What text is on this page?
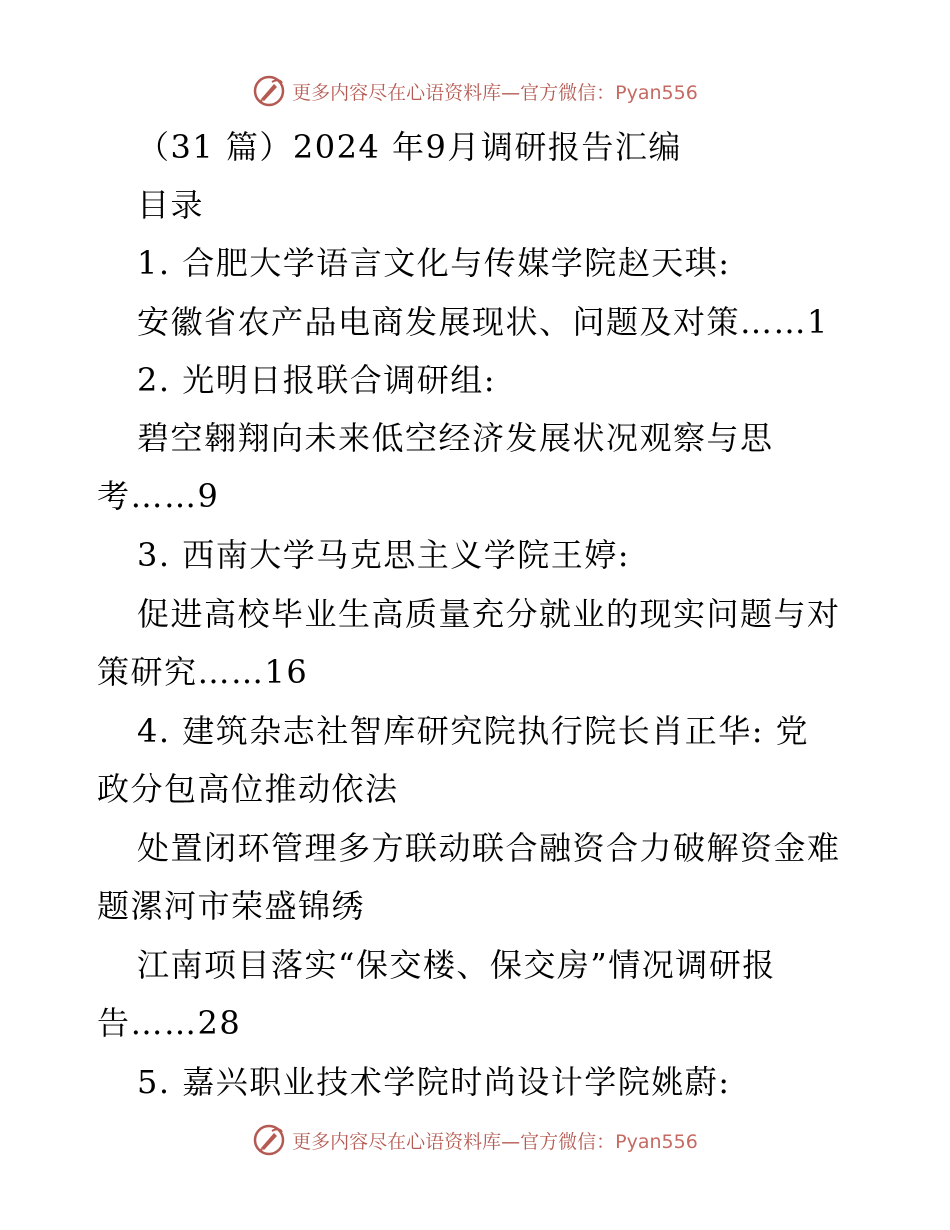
更多内容尽在心语资料库—官方微信：Pyan556
（31 篇）2024 年9月调研报告汇编
目录
1. 合肥大学语言文化与传媒学院赵天琪:
安徽省农产品电商发展现状、问题及对策……1
2. 光明日报联合调研组:
碧空翱翔向未来低空经济发展状况观察与思
考……9
3. 西南大学马克思主义学院王婷:
促进高校毕业生高质量充分就业的现实问题与对
策研究……16
4. 建筑杂志社智库研究院执行院长肖正华: 党
政分包高位推动依法
处置闭环管理多方联动联合融资合力破解资金难
题漯河市荣盛锦绣
江南项目落实“保交楼、保交房”情况调研报
告……28
5. 嘉兴职业技术学院时尚设计学院姚蔚:
更多内容尽在心语资料库—官方微信：Pyan556
